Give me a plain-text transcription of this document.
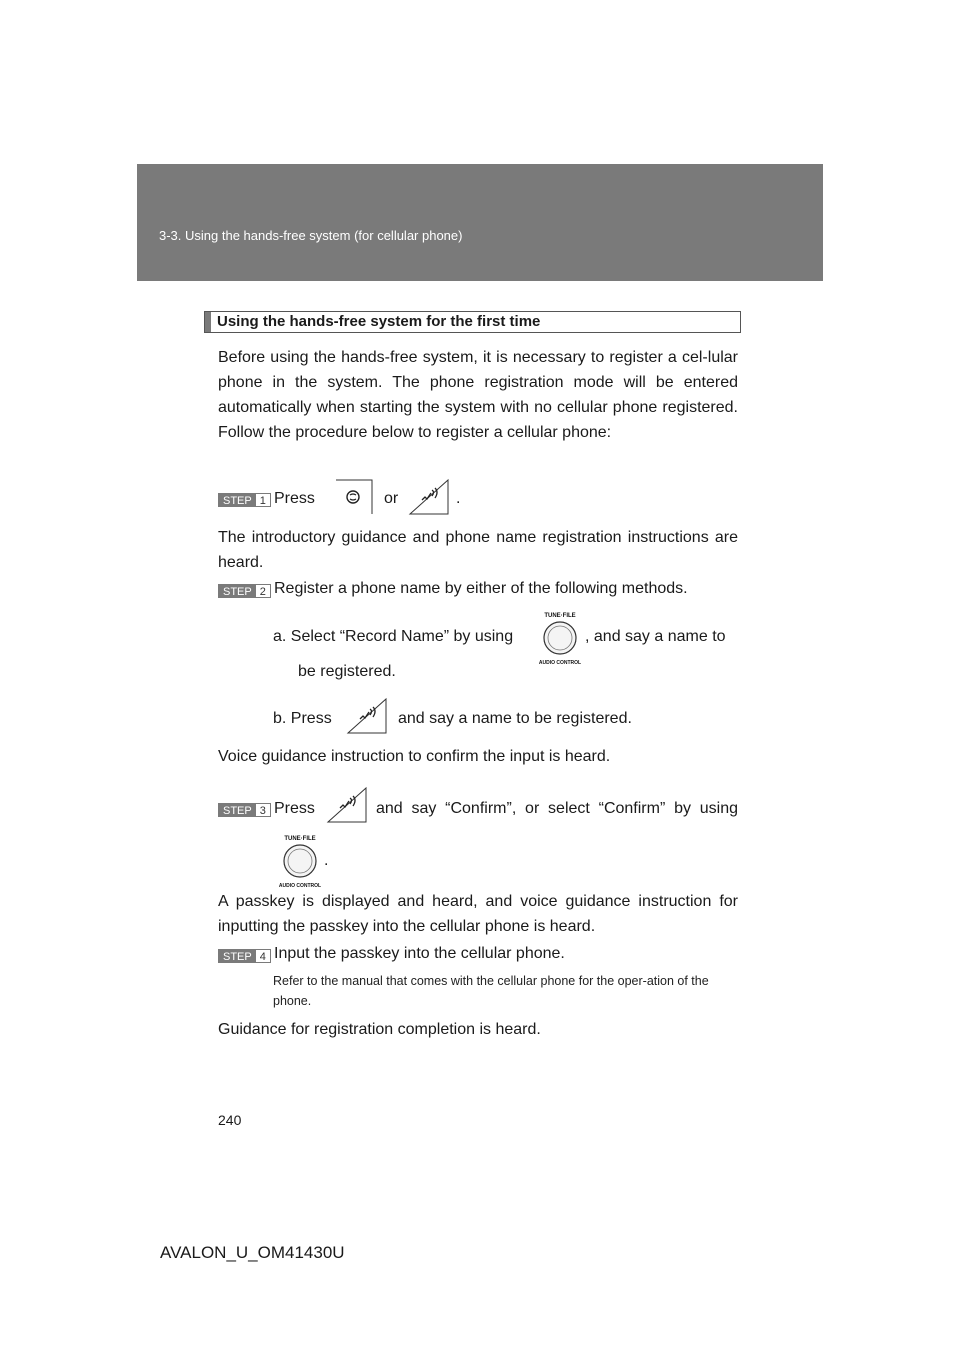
3-3. Using the hands-free system (for cellular phone)
Using the hands-free system for the first time
Before using the hands-free system, it is necessary to register a cel-lular phone in the system. The phone registration mode will be entered automatically when starting the system with no cellular phone registered. Follow the procedure below to register a cellular phone:
STEP 1 Press	or	.
The introductory guidance and phone name registration instructions are heard.
STEP 2 Register a phone name by either of the following methods.
a. Select “Record Name” by using
TUNE·FILE
AUDIO CONTROL
, and say a name to
be registered.
b. Press	and say a name to be registered.
Voice guidance instruction to confirm the input is heard.
STEP 3 Press	and say “Confirm”, or select “Confirm” by using
TUNE·FILE
AUDIO CONTROL
.
A passkey is displayed and heard, and voice guidance instruction for inputting the passkey into the cellular phone is heard.
STEP 4 Input the passkey into the cellular phone.
Refer to the manual that comes with the cellular phone for the oper-ation of the phone.
Guidance for registration completion is heard.
240
AVALON_U_OM41430U
